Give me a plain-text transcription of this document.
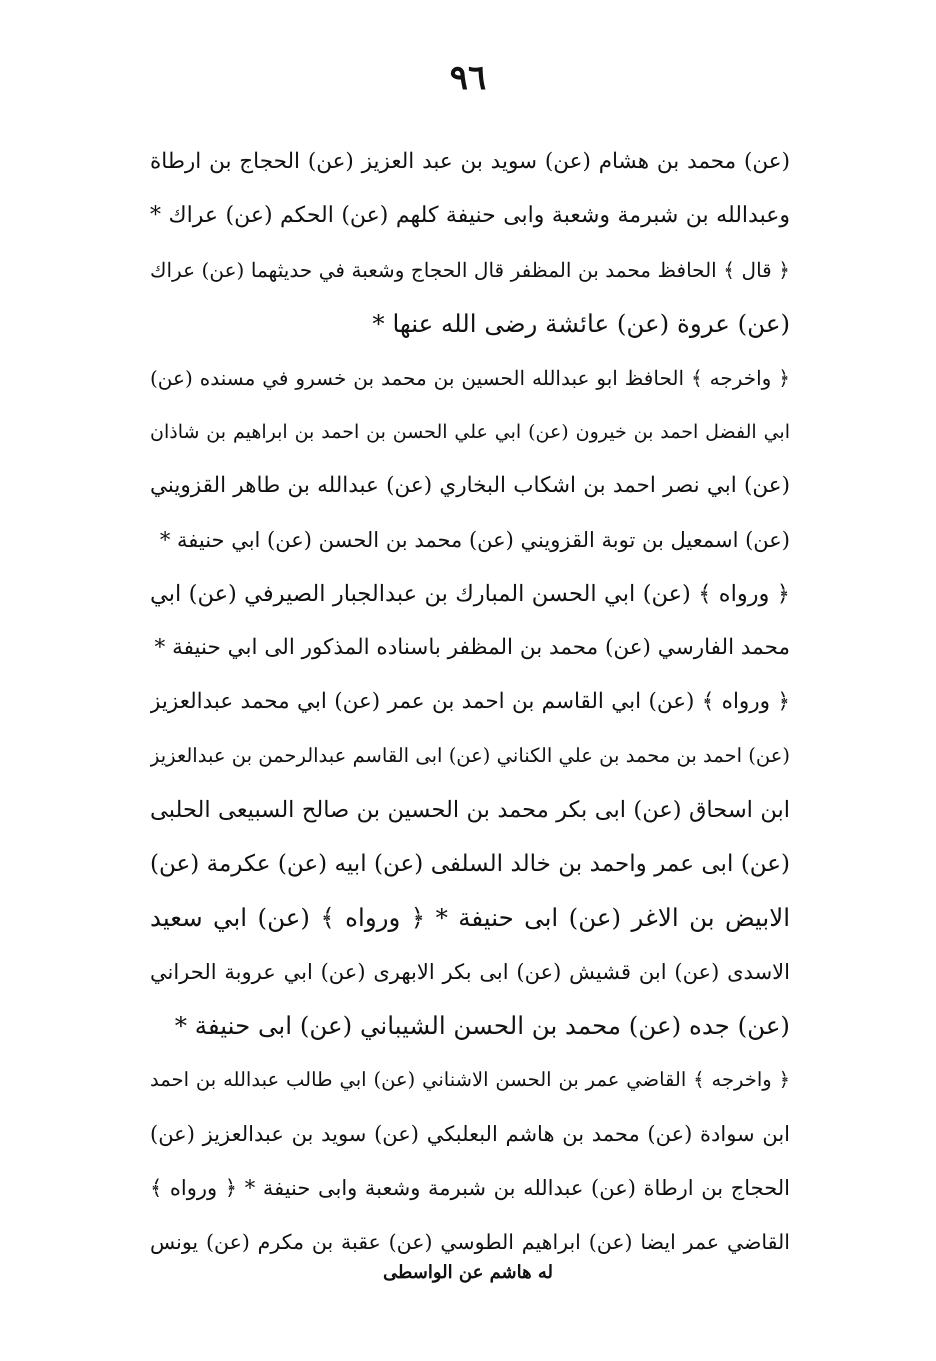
٩٦
(عن) محمد بن هشام (عن) سويد بن عبد العزيز (عن) الحجاج بن ارطاة
وعبدالله بن شبرمة وشعبة وابى حنيفة كلهم (عن) الحكم (عن) عراك *
﴿ قال ﴾ الحافظ محمد بن المظفر قال الحجاج وشعبة في حديثهما (عن) عراك
(عن) عروة (عن) عائشة رضى الله عنها *
﴿ واخرجه ﴾ الحافظ ابو عبدالله الحسين بن محمد بن خسرو في مسنده (عن)
ابي الفضل احمد بن خيرون (عن) ابي علي الحسن بن احمد بن ابراهيم بن شاذان
(عن) ابي نصر احمد بن اشكاب البخاري (عن) عبدالله بن طاهر القزويني
(عن) اسمعيل بن توبة القزويني (عن) محمد بن الحسن (عن) ابي حنيفة *
﴿ ورواه ﴾ (عن) ابي الحسن المبارك بن عبدالجبار الصيرفي (عن) ابي
محمد الفارسي (عن) محمد بن المظفر باسناده المذكور الى ابي حنيفة *
﴿ ورواه ﴾ (عن) ابي القاسم بن احمد بن عمر (عن) ابي محمد عبدالعزيز
(عن) احمد بن محمد بن علي الكناني (عن) ابى القاسم عبدالرحمن بن عبدالعزيز
ابن اسحاق (عن) ابى بكر محمد بن الحسين بن صالح السبيعى الحلبى
(عن) ابى عمر واحمد بن خالد السلفى (عن) ابيه (عن) عكرمة (عن)
الابيض بن الاغر (عن) ابى حنيفة * ﴿ ورواه ﴾ (عن) ابي سعيد
الاسدى (عن) ابن قشيش (عن) ابى بكر الابهرى (عن) ابي عروبة الحراني
(عن) جده (عن) محمد بن الحسن الشيباني (عن) ابى حنيفة *
﴿ واخرجه ﴾ القاضي عمر بن الحسن الاشناني (عن) ابي طالب عبدالله بن احمد
ابن سوادة (عن) محمد بن هاشم البعلبكي (عن) سويد بن عبدالعزيز (عن)
الحجاج بن ارطاة (عن) عبدالله بن شبرمة وشعبة وابى حنيفة * ﴿ ورواه ﴾
القاضي عمر ايضا (عن) ابراهيم الطوسي (عن) عقبة بن مكرم (عن) يونس
له هاشم عن الواسطى
